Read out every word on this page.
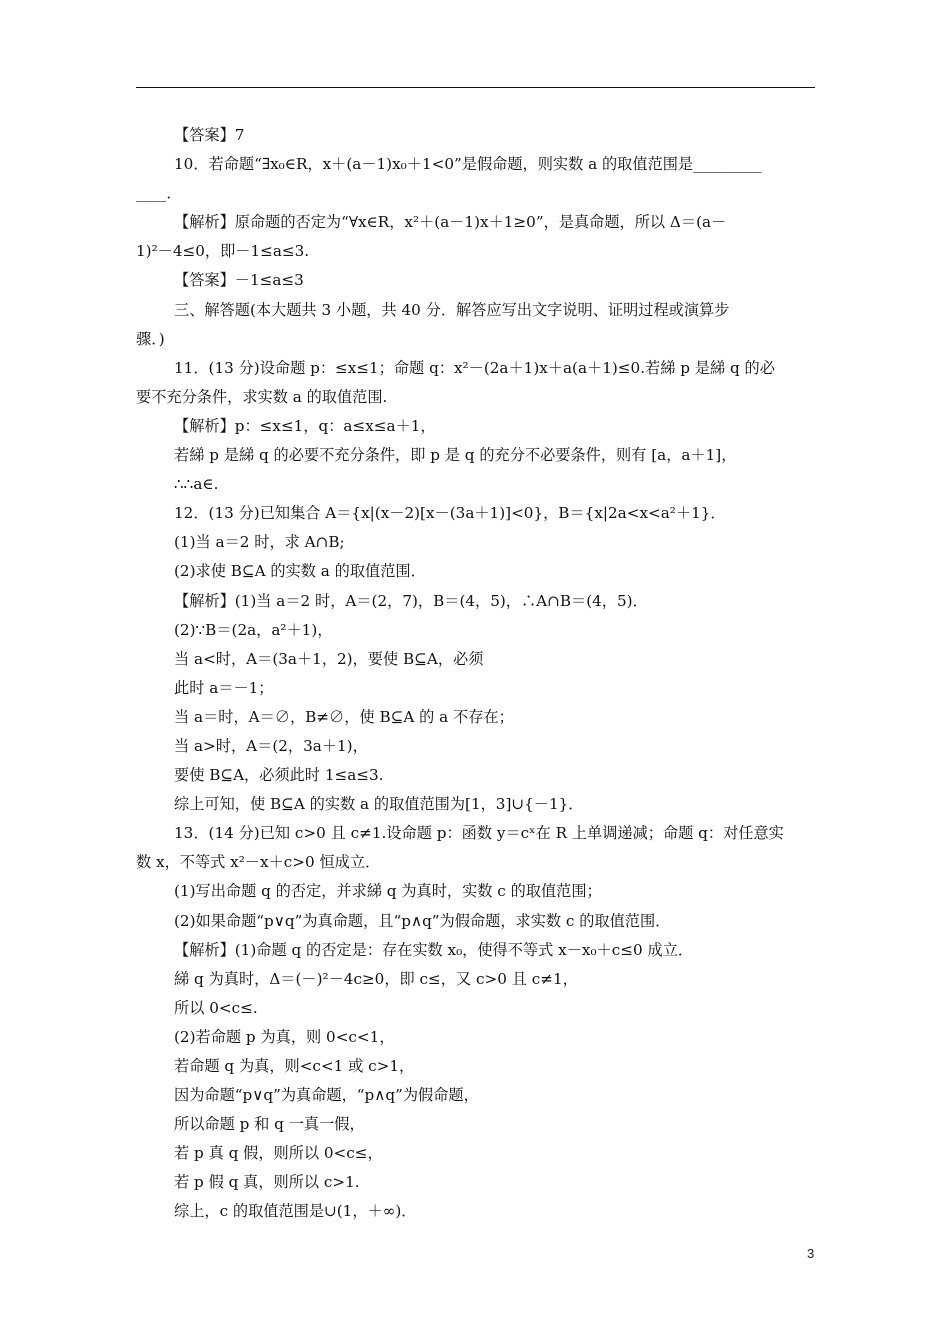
【答案】7
10．若命题“∃x₀∈R，x＋(a－1)x₀＋1<0”是假命题，则实数 a 的取值范围是_________
____．
【解析】原命题的否定为“∀x∈R，x²＋(a－1)x＋1≥0”，是真命题，所以 Δ＝(a－
1)²－4≤0，即－1≤a≤3.
【答案】－1≤a≤3
三、解答题(本大题共 3 小题，共 40 分．解答应写出文字说明、证明过程或演算步
骤．)
11．(13 分)设命题 p：≤x≤1；命题 q：x²－(2a＋1)x＋a(a＋1)≤0.若綈 p 是綈 q 的必
要不充分条件，求实数 a 的取值范围.
【解析】p：≤x≤1，q：a≤x≤a＋1，
若綈 p 是綈 q 的必要不充分条件，即 p 是 q 的充分不必要条件，则有 [a，a＋1]，
∴∴a∈.
12．(13 分)已知集合 A＝{x|(x－2)[x－(3a＋1)]<0}，B＝{x|2a<x<a²＋1}．
(1)当 a＝2 时，求 A∩B;
(2)求使 B⊆A 的实数 a 的取值范围．
【解析】(1)当 a＝2 时，A＝(2，7)，B＝(4，5)，∴A∩B＝(4，5)．
(2)∵B＝(2a，a²＋1)，
当 a<时，A＝(3a＋1，2)，要使 B⊆A，必须
此时 a＝－1；
当 a＝时，A＝∅，B≠∅，使 B⊆A 的 a 不存在；
当 a>时，A＝(2，3a＋1)，
要使 B⊆A，必须此时 1≤a≤3.
综上可知，使 B⊆A 的实数 a 的取值范围为[1，3]∪{－1}．
13．(14 分)已知 c>0 且 c≠1.设命题 p：函数 y＝cˣ在 R 上单调递减；命题 q：对任意实
数 x，不等式 x²－x＋c>0 恒成立．
(1)写出命题 q 的否定，并求綈 q 为真时，实数 c 的取值范围；
(2)如果命题“p∨q”为真命题，且“p∧q”为假命题，求实数 c 的取值范围．
【解析】(1)命题 q 的否定是：存在实数 x₀，使得不等式 x－x₀＋c≤0 成立．
綈 q 为真时，Δ＝(－)²－4c≥0，即 c≤，又 c>0 且 c≠1，
所以 0<c≤.
(2)若命题 p 为真，则 0<c<1，
若命题 q 为真，则<c<1 或 c>1，
因为命题“p∨q”为真命题，“p∧q”为假命题，
所以命题 p 和 q 一真一假，
若 p 真 q 假，则所以 0<c≤，
若 p 假 q 真，则所以 c>1.
综上，c 的取值范围是∪(1，＋∞)．
3
